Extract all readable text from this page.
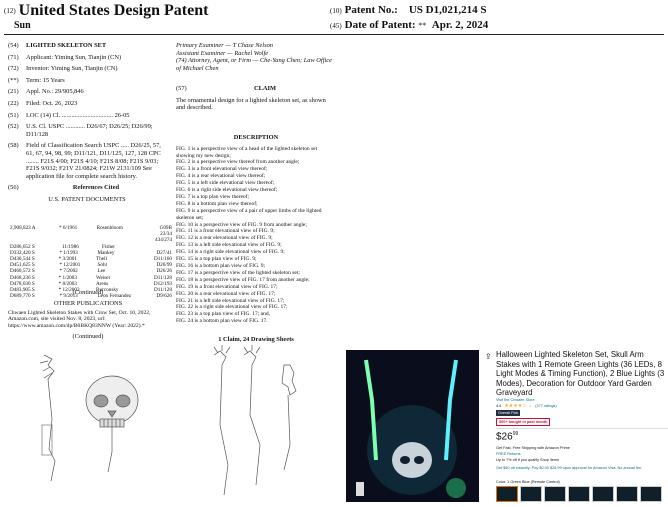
(12) United States Design Patent
Sun
(10) Patent No.: US D1,021,214 S
(45) Date of Patent: ** Apr. 2, 2024
(54)	LIGHTED SKELETON SET
(71)	Applicant: Yiming Sun, Tianjin (CN)
(72)	Inventor: Yiming Sun, Tianjin (CN)
(**)	Term: 15 Years
(21)	Appl. No.: 29/905,846
(22)	Filed: Oct. 26, 2023
(51)	LOC (14) Cl. ................................ 26-05
(52)	U.S. Cl. USPC ............ D26/67; D26/25; D26/99; D11/128
(58)	Field of Classification Search USPC ..... D26/25, 57, 61, 67, 94, 98, 99; D11/121, D11/125, 127, 128 CPC ........ F21S 4/00; F21S 4/10; F21S 8/08; F21S 9/03; F21S 9/032; F21V 21/0824; F21W 2131/109 See application file for complete search history.
(56)	References Cited

U.S. PATENT DOCUMENTS

2,908,823 A	* 6/1961	Rosenbloom	G09B 23/34 434/274
D286,652 S	11/1986	Fisher
D332,420 S	* 1/1993	Mankey	D27/41
D430,544 S	* 3/2001	Thell	D11/160
D451,625 S	* 12/2001	Sohl	D26/99
D460,572 S	* 7/2002	Lee	D26/26
D468,236 S	* 1/2003	Weiser	D11/128
D478,030 S	* 8/2003	Arens	D12/193
D483,905 S	* 12/2003	Burconsky	D11/128
D689,770 S	* 9/2013	Leon Fernandez	D9/626
(Continued)
OTHER PUBLICATIONS
Chwaen Lighted Skeleton Stakes with Crow Set, Oct. 10, 2022, Amazon.com, site visited Nov. 8, 2023, url: https://www.amazon.com/dp/B0BKQ83NNW (Year: 2022).*
(Continued)

Primary Examiner — T Chase Nelson

Assistant Examiner — Rachel Wolfe

(74) Attorney, Agent, or Firm — Che-Yang Chen; Law Office of Michael Chen

(57)	CLAIM

The ornamental design for a lighted skeleton set, as shown and described.

DESCRIPTION

FIG. 1 is a perspective view of a head of the lighted skeleton set showing my new design;

FIG. 2 is a perspective view thereof from another angle;

FIG. 3 is a front elevational view thereof;

FIG. 4 is a rear elevational view thereof;

FIG. 5 is a left side elevational view thereof;

FIG. 6 is a right side elevational view thereof;

FIG. 7 is a top plan view thereof;

FIG. 8 is a bottom plan view thereof;

FIG. 9 is a perspective view of a pair of upper limbs of the lighted skeleton set;

FIG. 10 is a perspective view of FIG. 9 from another angle;

FIG. 11 is a front elevational view of FIG. 9;

FIG. 12 is a rear elevational view of FIG. 9;

FIG. 13 is a left side elevational view of FIG. 9;

FIG. 14 is a right side elevational view of FIG. 9;

FIG. 15 is a top plan view of FIG. 9;

FIG. 16 is a bottom plan view of FIG. 9;

FIG. 17 is a perspective view of the lighted skeleton set;

FIG. 18 is a perspective view of FIG. 17 from another angle;

FIG. 19 is a front elevational view of FIG. 17;

FIG. 20 is a rear elevational view of FIG. 17;

FIG. 21 is a left side elevational view of FIG. 17;

FIG. 22 is a right side elevational view of FIG. 17;

FIG. 23 is a top plan view of FIG. 17; and,

FIG. 24 is a bottom plan view of FIG. 17.

1 Claim, 24 Drawing Sheets
⇪ Halloween Lighted Skeleton Set, Skull Arm Stakes with 1 Remote Green Lights (36 LEDs, 8 Light Modes & Timing Function), 2 Blue Lights (3 Modes), Decoration for Outdoor Yard Garden Graveyard
Visit the Chwaen Store
4.4 ★★★★☆ ⌄ (377 ratings)
Overall Pick
300+ bought in past month
$\$26^{99}$
Get Fast, Free Shipping with Amazon Prime
FREE Returns
Up to 7% off if you qualify Shop items
Get $50 off instantly: Pay $0.00 $26.99 upon approval for Amazon Visa. No annual fee.
Color: 1 Green Blue (Remote Control)
